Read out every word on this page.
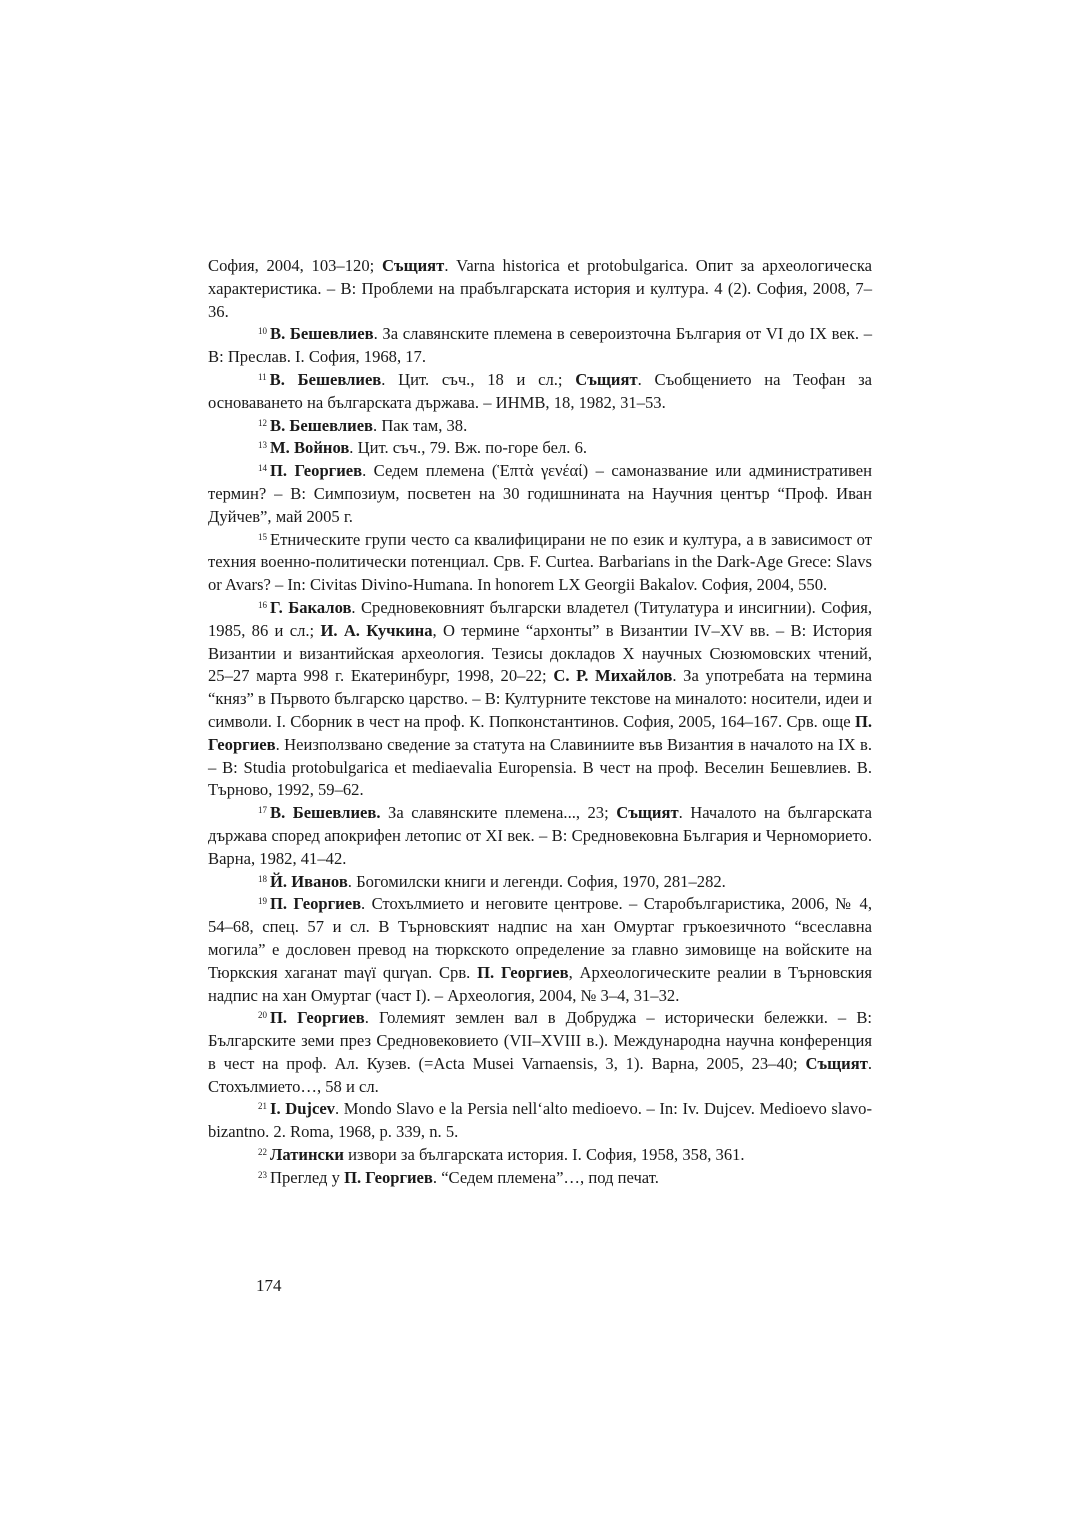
София, 2004, 103–120; Същият. Varna historica et protobulgarica. Опит за археологическа характеристика. – В: Проблеми на прабългарската история и култура. 4 (2). София, 2008, 7–36.

$^{10}$ В. Бешевлиев. За славянските племена в североизточна България от VI до IX век. – В: Преслав. І. София, 1968, 17.

$^{11}$ В. Бешевлиев. Цит. съч., 18 и сл.; Същият. Съобщението на Теофан за основаването на българската държава. – ИНМВ, 18, 1982, 31–53.

$^{12}$ В. Бешевлиев. Пак там, 38.

$^{13}$ М. Войнов. Цит. съч., 79. Вж. по-горе бел. 6.

$^{14}$ П. Георгиев. Седем племена (Ἑπτὰ γενέαί) – самоназвание или административен термин? – В: Симпозиум, посветен на 30 годишнината на Научния център “Проф. Иван Дуйчев”, май 2005 г.

$^{15}$ Етническите групи често са квалифицирани не по език и култура, а в зависимост от техния военно-политически потенциал. Срв. F. Curtea. Barbarians in the Dark-Age Grece: Slavs or Avars? – In: Civitas Divino-Humana. In honorem LX Georgii Bakalov. София, 2004, 550.

$^{16}$ Г. Бакалов. Средновековният български владетел (Титулатура и инсигнии). София, 1985, 86 и сл.; И. А. Кучкина, О термине “архонты” в Византии IV–XV вв. – В: История Византии и византийская археология. Тезисы докладов Х научных Сюзюмовских чтений, 25–27 марта 998 г. Екатеринбург, 1998, 20–22; С. Р. Михайлов. За употребата на термина “княз” в Първото българско царство. – В: Културните текстове на миналото: носители, идеи и символи. І. Сборник в чест на проф. К. Попконстантинов. София, 2005, 164–167. Срв. още П. Георгиев. Неизползвано сведение за статута на Славиниите във Византия в началото на IX в. – В: Studia protobulgarica et mediaevalia Europensia. В чест на проф. Веселин Бешевлиев. В. Търново, 1992, 59–62.

$^{17}$ В. Бешевлиев. За славянските племена..., 23; Същият. Началото на българската държава според апокрифен летопис от XI век. – В: Средновековна България и Черноморието. Варна, 1982, 41–42.

$^{18}$ Й. Иванов. Богомилски книги и легенди. София, 1970, 281–282.

$^{19}$ П. Георгиев. Стохълмието и неговите центрове. – Старобългаристика, 2006, № 4, 54–68, спец. 57 и сл. В Търновският надпис на хан Омуртаг гръкоезичното “всеславна могила” е дословен превод на тюркското определение за главно зимовище на войските на Тюркския хаганат maγï qurγan. Срв. П. Георгиев, Археологическите реалии в Търновския надпис на хан Омуртаг (част І). – Археология, 2004, № 3–4, 31–32.

$^{20}$ П. Георгиев. Големият землен вал в Добруджа – исторически бележки. – В: Българските земи през Средновековието (VII–XVIII в.). Международна научна конференция в чест на проф. Ал. Кузев. (=Acta Musei Varnaensis, 3, 1). Варна, 2005, 23–40; Същият. Стохълмието…, 58 и сл.

$^{21}$ I. Dujcev. Mondo Slavo e la Persia nell‘alto medioevo. – In: Iv. Dujcev. Medioevo slavo-bizantno. 2. Roma, 1968, p. 339, n. 5.

$^{22}$ Латински извори за българската история. І. София, 1958, 358, 361.

$^{23}$ Преглед у П. Георгиев. “Седем племена”…, под печат.

174
